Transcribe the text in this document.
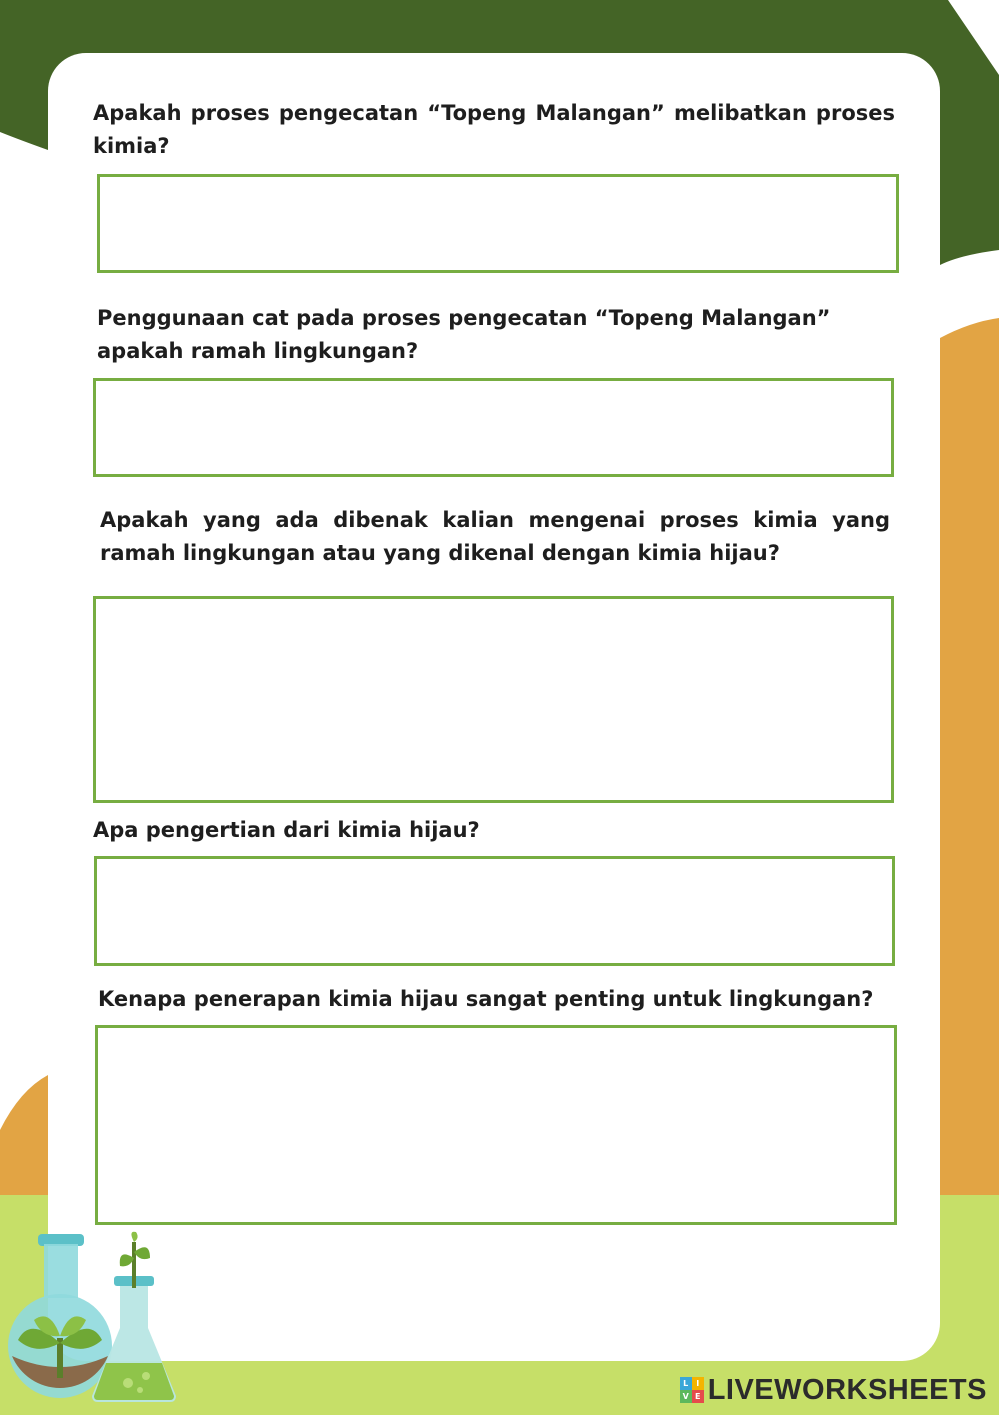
Apakah proses pengecatan “Topeng Malangan” melibatkan proses kimia?

Penggunaan cat pada proses pengecatan “Topeng Malangan” apakah ramah lingkungan?

Apakah yang ada dibenak kalian mengenai proses kimia yang ramah lingkungan atau yang dikenal dengan kimia hijau?

Apa pengertian dari kimia hijau?

Kenapa penerapan kimia hijau sangat penting untuk lingkungan?

L I
V E LIVEWORKSHEETS
